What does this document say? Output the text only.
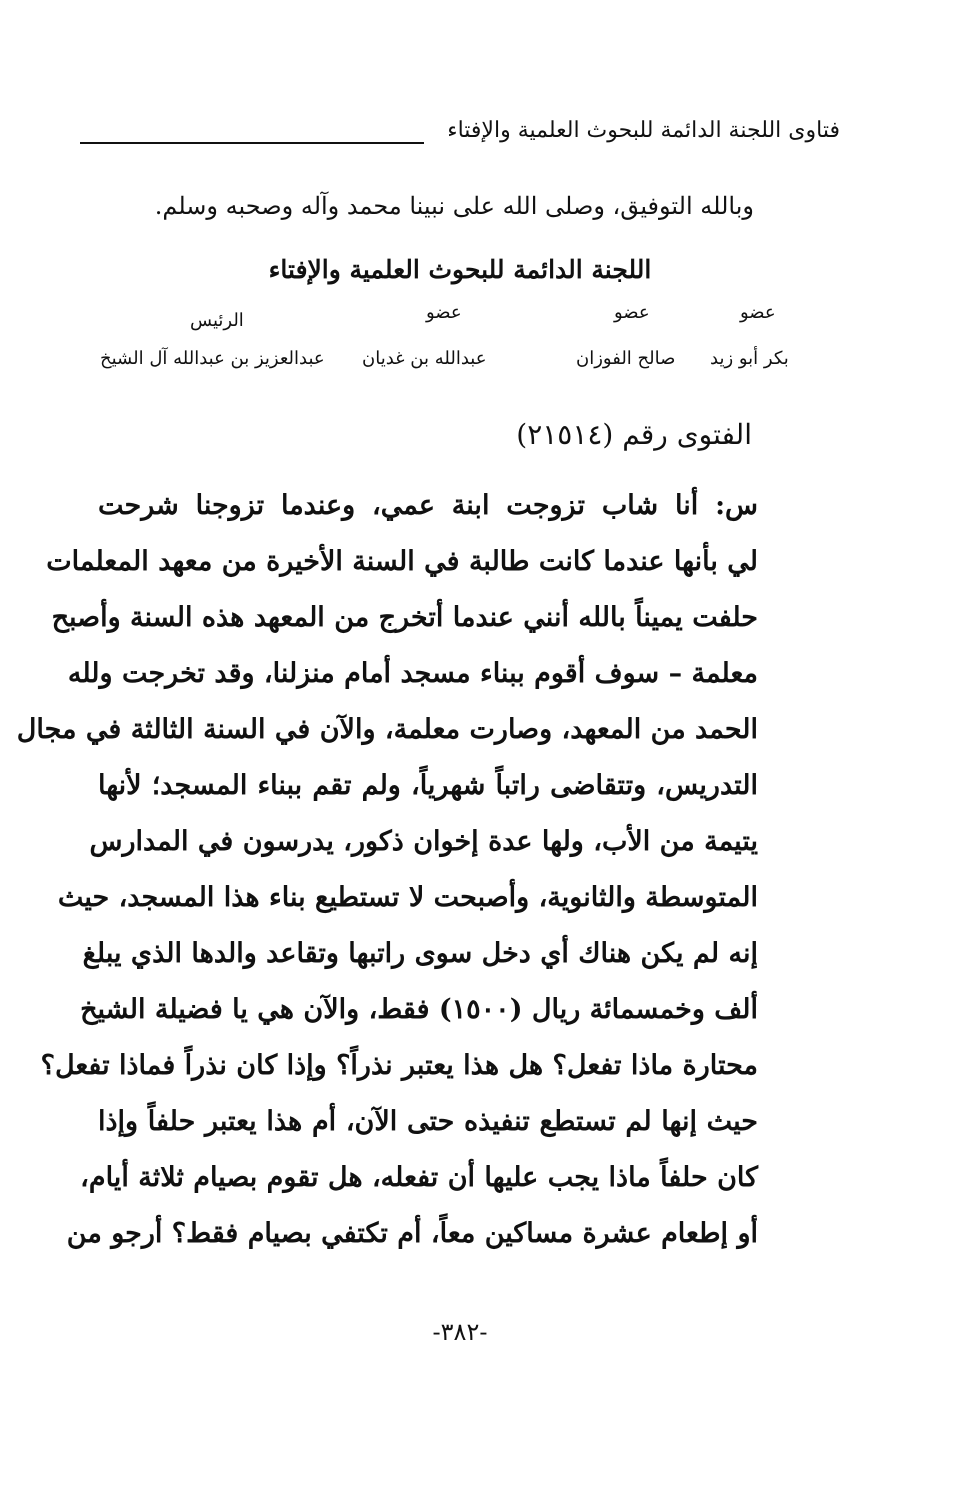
فتاوى اللجنة الدائمة للبحوث العلمية والإفتاء
وبالله التوفيق، وصلى الله على نبينا محمد وآله وصحبه وسلم.
اللجنة الدائمة للبحوث العلمية والإفتاء
عضو
عضو
عضو
الرئيس
بكر أبو زيد
صالح الفوزان
عبدالله بن غديان
عبدالعزيز بن عبدالله آل الشيخ
الفتوى رقم (٢١٥١٤)
س: أنا شاب تزوجت ابنة عمي، وعندما تزوجنا شرحت
لي بأنها عندما كانت طالبة في السنة الأخيرة من معهد المعلمات
حلفت يميناً بالله أنني عندما أتخرج من المعهد هذه السنة وأصبح
معلمة – سوف أقوم ببناء مسجد أمام منزلنا، وقد تخرجت ولله
الحمد من المعهد، وصارت معلمة، والآن في السنة الثالثة في مجال
التدريس، وتتقاضى راتباً شهرياً، ولم تقم ببناء المسجد؛ لأنها
يتيمة من الأب، ولها عدة إخوان ذكور، يدرسون في المدارس
المتوسطة والثانوية، وأصبحت لا تستطيع بناء هذا المسجد، حيث
إنه لم يكن هناك أي دخل سوى راتبها وتقاعد والدها الذي يبلغ
ألف وخمسمائة ريال (١٥٠٠) فقط، والآن هي يا فضيلة الشيخ
محتارة ماذا تفعل؟ هل هذا يعتبر نذراً؟ وإذا كان نذراً فماذا تفعل؟
حيث إنها لم تستطع تنفيذه حتى الآن، أم هذا يعتبر حلفاً وإذا
كان حلفاً ماذا يجب عليها أن تفعله، هل تقوم بصيام ثلاثة أيام،
أو إطعام عشرة مساكين معاً، أم تكتفي بصيام فقط؟ أرجو من
-٣٨٢-
